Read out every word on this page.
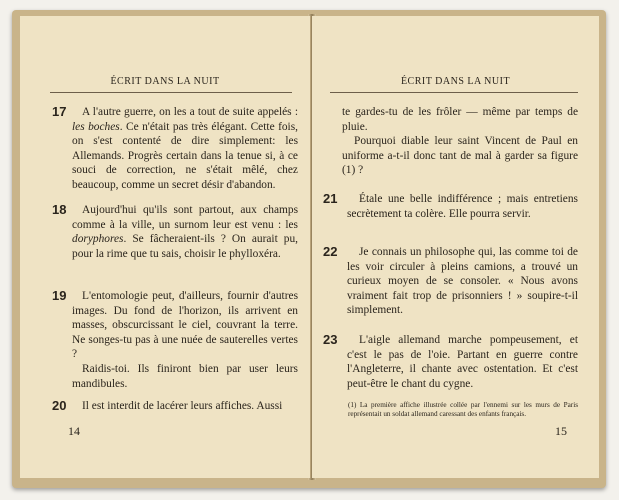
ÉCRIT DANS LA NUIT
17 A l'autre guerre, on les a tout de suite appelés : les boches. Ce n'était pas très élégant. Cette fois, on s'est contenté de dire simplement: les Allemands. Progrès certain dans la tenue si, à ce souci de correction, ne s'était mêlé, chez beaucoup, comme un secret désir d'abandon.
18 Aujourd'hui qu'ils sont partout, aux champs comme à la ville, un surnom leur est venu : les doryphores. Se fâcheraient-ils ? On aurait pu, pour la rime que tu sais, choisir le phylloxéra.
19	L'entomologie peut, d'ailleurs, fournir d'autres images. Du fond de l'horizon, ils arrivent en masses, obscurcissant le ciel, couvrant la terre. Ne songes-tu pas à une nuée de sauterelles vertes ?
Raidis-toi. Ils finiront bien par user leurs mandibules.
20 Il est interdit de lacérer leurs affiches. Aussi
14
ÉCRIT DANS LA NUIT
te gardes-tu de les frôler — même par temps de pluie.
Pourquoi diable leur saint Vincent de Paul en uniforme a-t-il donc tant de mal à garder sa figure (1) ?
21 Étale une belle indifférence ; mais entretiens secrètement ta colère. Elle pourra servir.
22 Je connais un philosophe qui, las comme toi de les voir circuler à pleins camions, a trouvé un curieux moyen de se consoler. « Nous avons vraiment fait trop de prisonniers ! » soupire-t-il simplement.
23 L'aigle allemand marche pompeusement, et c'est le pas de l'oie. Partant en guerre contre l'Angleterre, il chante avec ostentation. Et c'est peut-être le chant du cygne.
(1) La première affiche illustrée collée par l'ennemi sur les murs de Paris représentait un soldat allemand caressant des enfants français.
15
